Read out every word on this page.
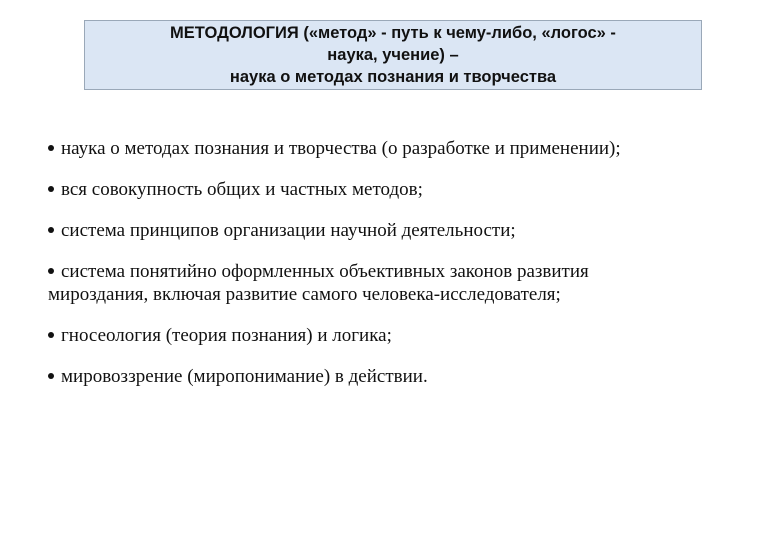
МЕТОДОЛОГИЯ («метод» - путь к чему-либо, «логос» -
наука, учение) –
наука о методах познания и творчества
наука о методах познания и творчества (о разработке и применении);
вся совокупность общих и частных методов;
система принципов организации научной деятельности;
система понятийно оформленных объективных законов развития
мироздания, включая развитие самого человека-исследователя;
гносеология (теория познания) и логика;
мировоззрение (миропонимание) в действии.
